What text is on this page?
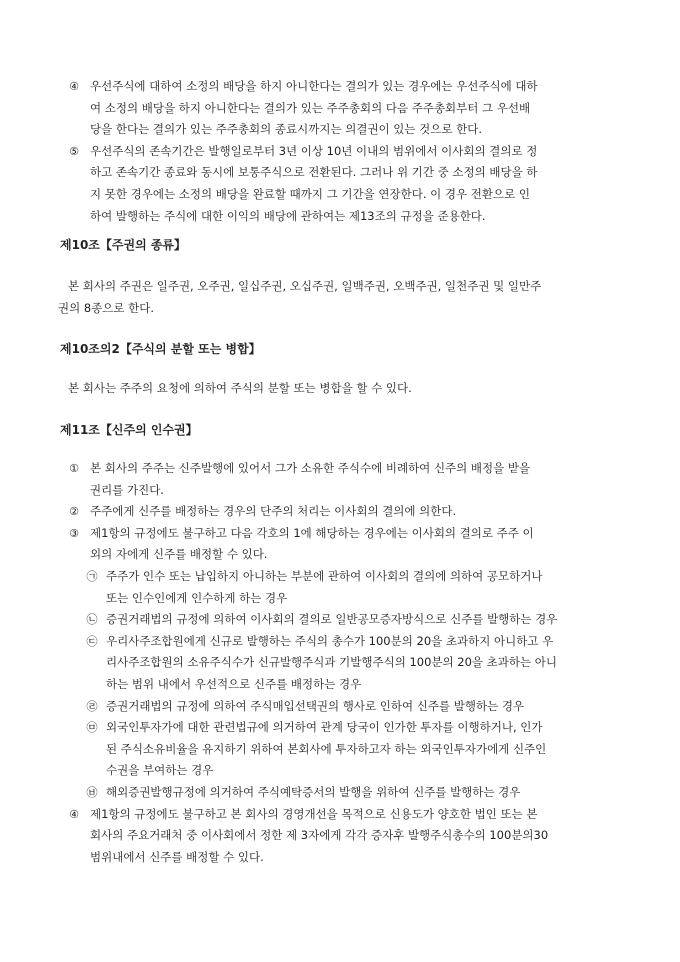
④ 우선주식에 대하여 소정의 배당을 하지 아니한다는 결의가 있는 경우에는 우선주식에 대하
여 소정의 배당을 하지 아니한다는 결의가 있는 주주총회의 다음 주주총회부터 그 우선배
당을 한다는 결의가 있는 주주총회의 종료시까지는 의결권이 있는 것으로 한다.
⑤ 우선주식의 존속기간은 발행일로부터 3년 이상 10년 이내의 범위에서 이사회의 결의로 정
하고 존속기간 종료와 동시에 보통주식으로 전환된다. 그러나 위 기간 중 소정의 배당을 하
지 못한 경우에는 소정의 배당을 완료할 때까지 그 기간을 연장한다. 이 경우 전환으로 인
하여 발행하는 주식에 대한 이익의 배당에 관하여는 제13조의 규정을 준용한다.
제10조【주권의 종류】
본 회사의 주권은 일주권, 오주권, 일십주권, 오십주권, 일백주권, 오백주권, 일천주권 및 일만주
권의 8종으로 한다.
제10조의2【주식의 분할 또는 병합】
본 회사는 주주의 요청에 의하여 주식의 분할 또는 병합을 할 수 있다.
제11조【신주의 인수권】
① 본 회사의 주주는 신주발행에 있어서 그가 소유한 주식수에 비례하여 신주의 배정을 받을
권리를 가진다.
② 주주에게 신주를 배정하는 경우의 단주의 처리는 이사회의 결의에 의한다.
③ 제1항의 규정에도 불구하고 다음 각호의 1에 해당하는 경우에는 이사회의 결의로 주주 이
외의 자에게 신주를 배정할 수 있다.
㉠ 주주가 인수 또는 납입하지 아니하는 부분에 관하여 이사회의 결의에 의하여 공모하거나
또는 인수인에게 인수하게 하는 경우
㉡ 증권거래법의 규정에 의하여 이사회의 결의로 일반공모증자방식으로 신주를 발행하는 경우
㉢ 우리사주조합원에게 신규로 발행하는 주식의 총수가 100분의 20을 초과하지 아니하고 우
리사주조합원의 소유주식수가 신규발행주식과 기발행주식의 100분의 20을 초과하는 아니
하는 범위 내에서 우선적으로 신주를 배정하는 경우
㉣ 증권거래법의 규정에 의하여 주식매입선택권의 행사로 인하여 신주를 발행하는 경우
㉤ 외국인투자가에 대한 관련법규에 의거하여 관계 당국이 인가한 투자를 이행하거나, 인가
된 주식소유비율을 유지하기 위하여 본회사에 투자하고자 하는 외국인투자가에게 신주인
수권을 부여하는 경우
㉥ 해외증권발행규정에 의거하여 주식예탁증서의 발행을 위하여 신주를 발행하는 경우
④ 제1항의 규정에도 불구하고 본 회사의 경영개선을 목적으로 신용도가 양호한 법인 또는 본
회사의 주요거래처 중 이사회에서 정한 제 3자에게 각각 증자후 발행주식총수의 100분의30
범위내에서 신주를 배정할 수 있다.
